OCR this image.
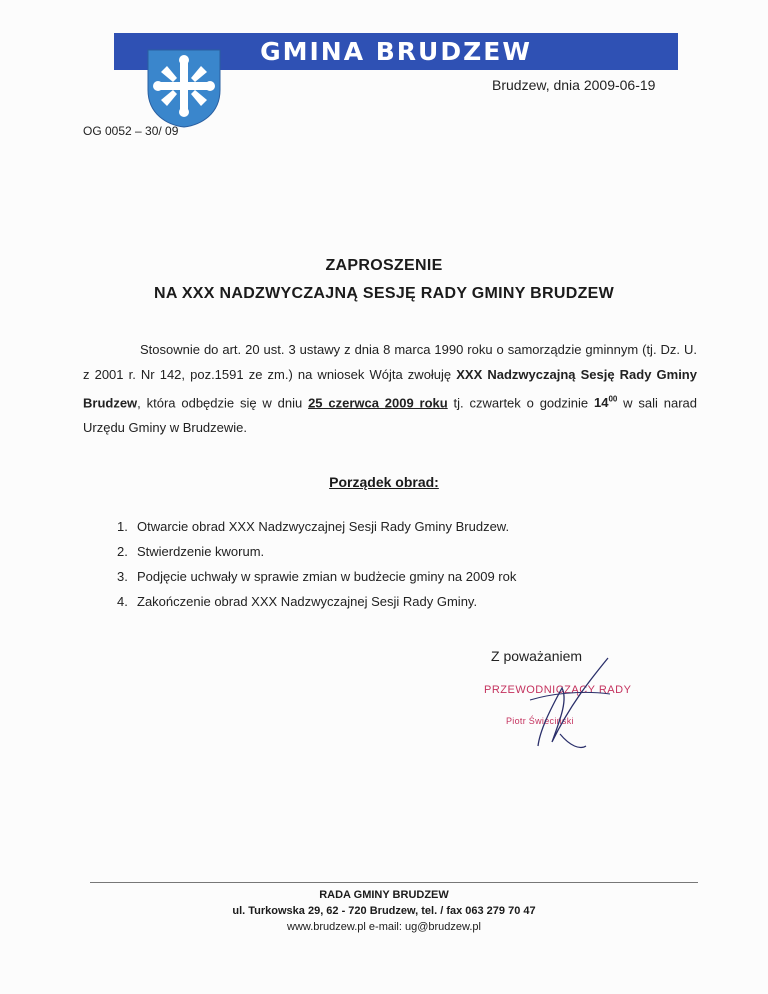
GMINA BRUDZEW
Brudzew, dnia 2009-06-19
OG 0052 – 30/ 09
ZAPROSZENIE
NA XXX NADZWYCZAJNĄ SESJĘ RADY GMINY BRUDZEW

Stosownie do art. 20 ust. 3 ustawy z dnia 8 marca 1990 roku o samorządzie gminnym (tj. Dz. U. z 2001 r. Nr 142, poz.1591 ze zm.) na wniosek Wójta zwołuję XXX Nadzwyczajną Sesję Rady Gminy Brudzew, która odbędzie się w dniu 25 czerwca 2009 roku tj. czwartek o godzinie $14^{00}$ w sali narad Urzędu Gminy w Brudzewie.

Porządek obrad:
1. Otwarcie obrad XXX Nadzwyczajnej Sesji Rady Gminy Brudzew.
2. Stwierdzenie kworum.
3. Podjęcie uchwały w sprawie zmian w budżecie gminy na 2009 rok
4. Zakończenie obrad XXX Nadzwyczajnej Sesji Rady Gminy.
Z poważaniem
PRZEWODNICZĄCY RADY
Piotr Świeciński
RADA GMINY BRUDZEW
ul. Turkowska 29, 62 - 720 Brudzew, tel. / fax 063 279 70 47
www.brudzew.pl e-mail: ug@brudzew.pl
